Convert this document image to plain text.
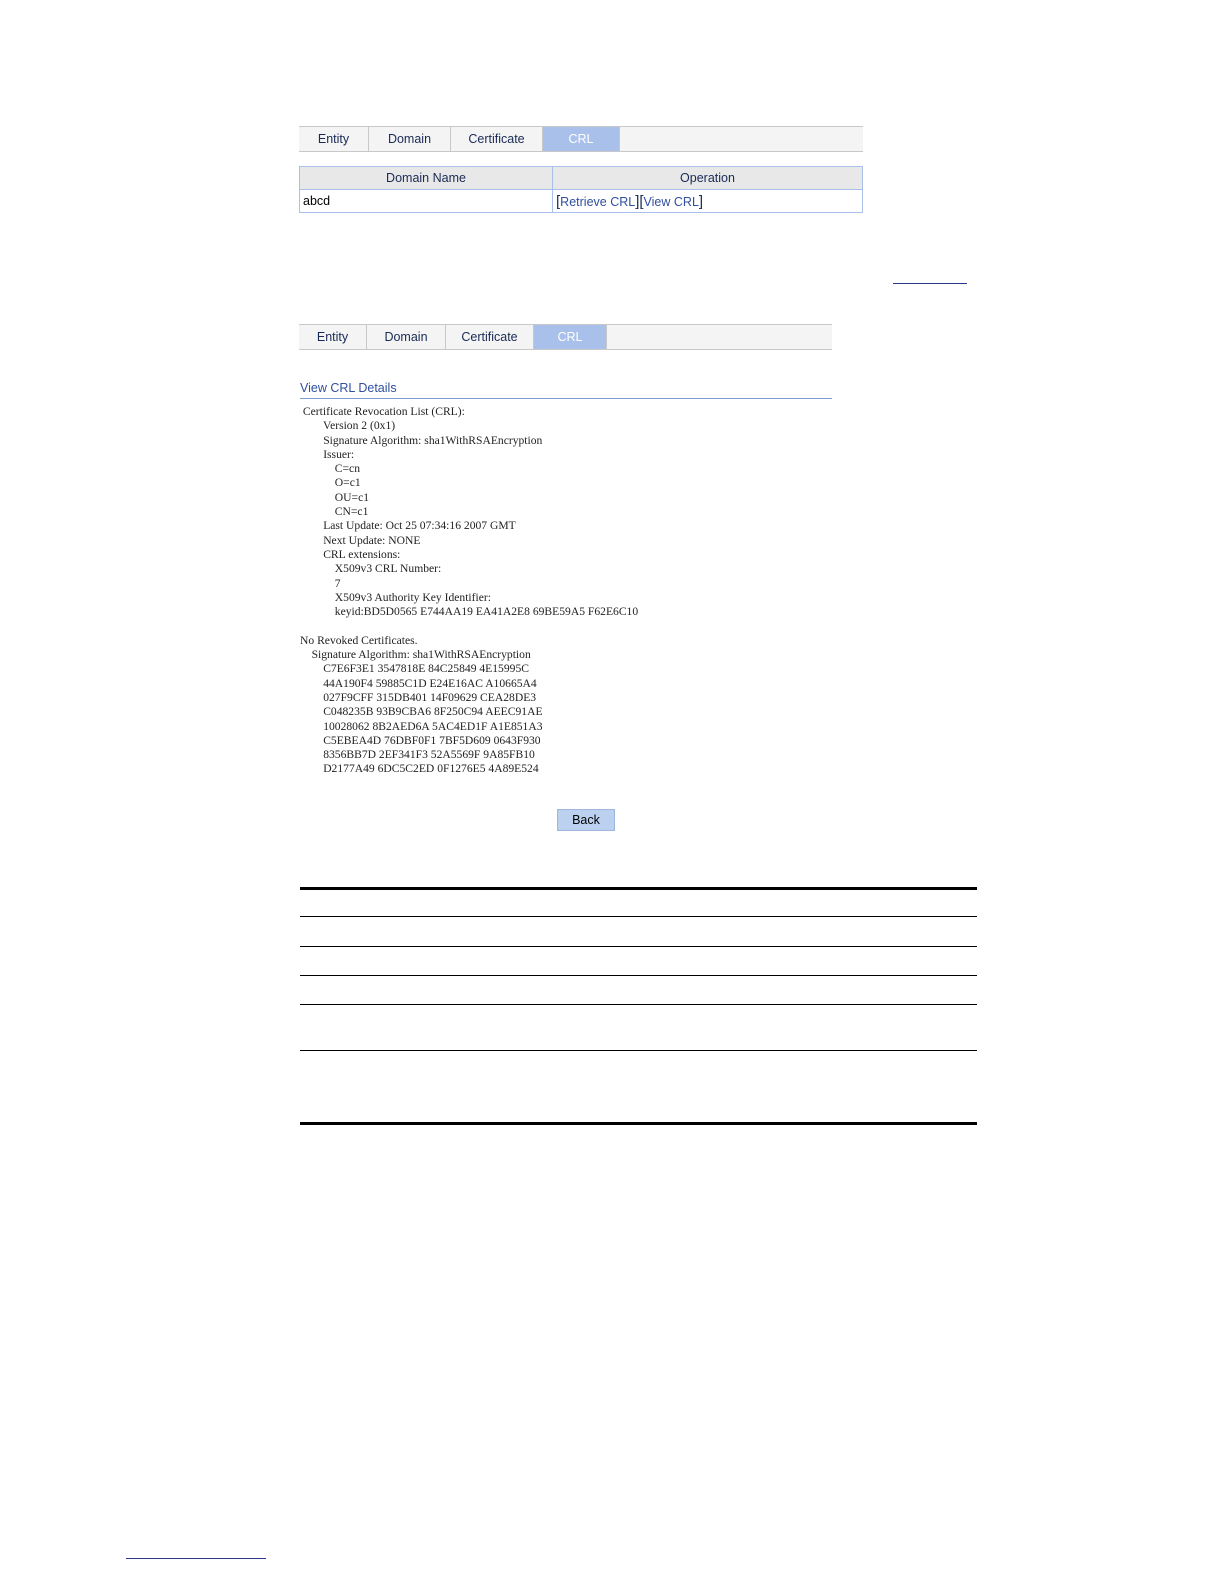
Entity	Domain	Certificate	CRL
Domain Name	Operation
abcd	[Retrieve CRL][View CRL]
Entity	Domain	Certificate	CRL
View CRL Details
Certificate Revocation List (CRL):
Version 2 (0x1)
Signature Algorithm: sha1WithRSAEncryption
Issuer:
C=cn
O=c1
OU=c1
CN=c1
Last Update: Oct 25 07:34:16 2007 GMT
Next Update: NONE
CRL extensions:
X509v3 CRL Number:
7
X509v3 Authority Key Identifier:
keyid:BD5D0565 E744AA19 EA41A2E8 69BE59A5 F62E6C10

No Revoked Certificates.
Signature Algorithm: sha1WithRSAEncryption
C7E6F3E1 3547818E 84C25849 4E15995C
44A190F4 59885C1D E24E16AC A10665A4
027F9CFF 315DB401 14F09629 CEA28DE3
C048235B 93B9CBA6 8F250C94 AEEC91AE
10028062 8B2AED6A 5AC4ED1F A1E851A3
C5EBEA4D 76DBF0F1 7BF5D609 0643F930
8356BB7D 2EF341F3 52A5569F 9A85FB10
D2177A49 6DC5C2ED 0F1276E5 4A89E524
Back
